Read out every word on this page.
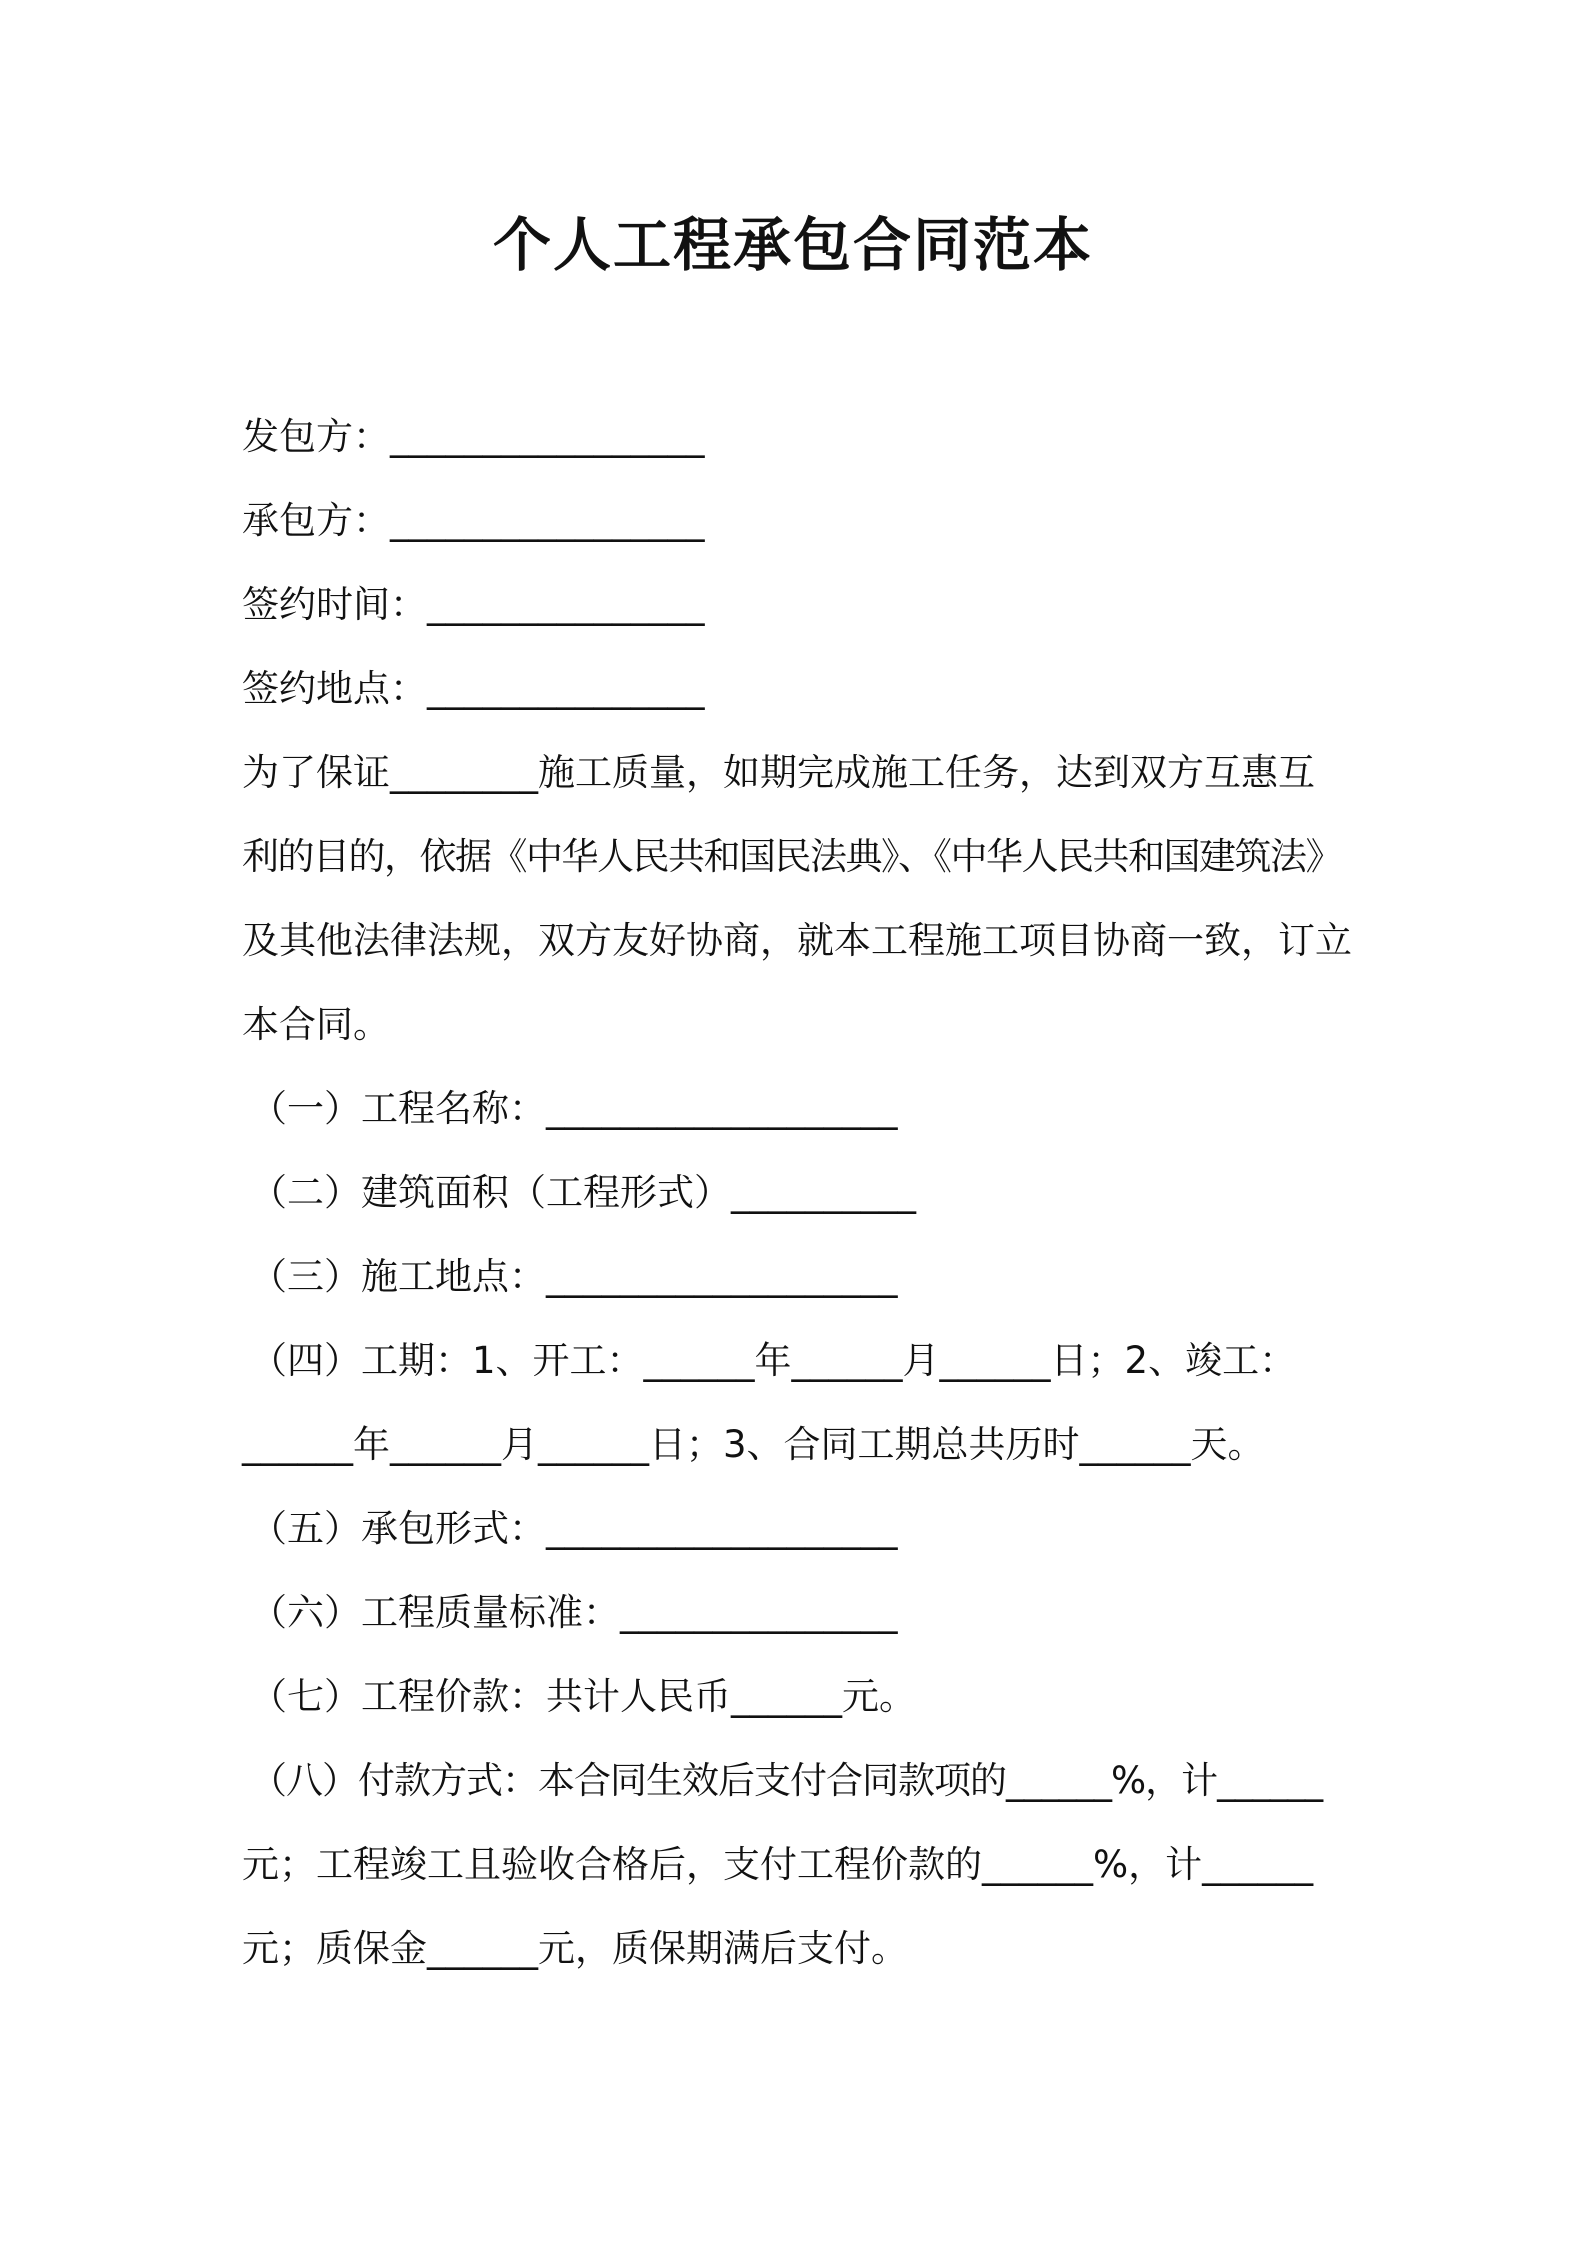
个人工程承包合同范本
发包方：_________________
承包方：_________________
签约时间：_______________
签约地点：_______________
为了保证________施工质量，如期完成施工任务，达到双方互惠互
利的目的，依据《中华人民共和国民法典》、《中华人民共和国建筑法》
及其他法律法规，双方友好协商，就本工程施工项目协商一致，订立
本合同。
（一）工程名称：___________________
（二）建筑面积（工程形式）__________
（三）施工地点：___________________
（四）工期：1、开工：______年______月______日；2、竣工：
______年______月______日；3、合同工期总共历时______天。
（五）承包形式：___________________
（六）工程质量标准：_______________
（七）工程价款：共计人民币______元。
（八）付款方式：本合同生效后支付合同款项的______%，计______
元；工程竣工且验收合格后，支付工程价款的______%，计______
元；质保金______元，质保期满后支付。
